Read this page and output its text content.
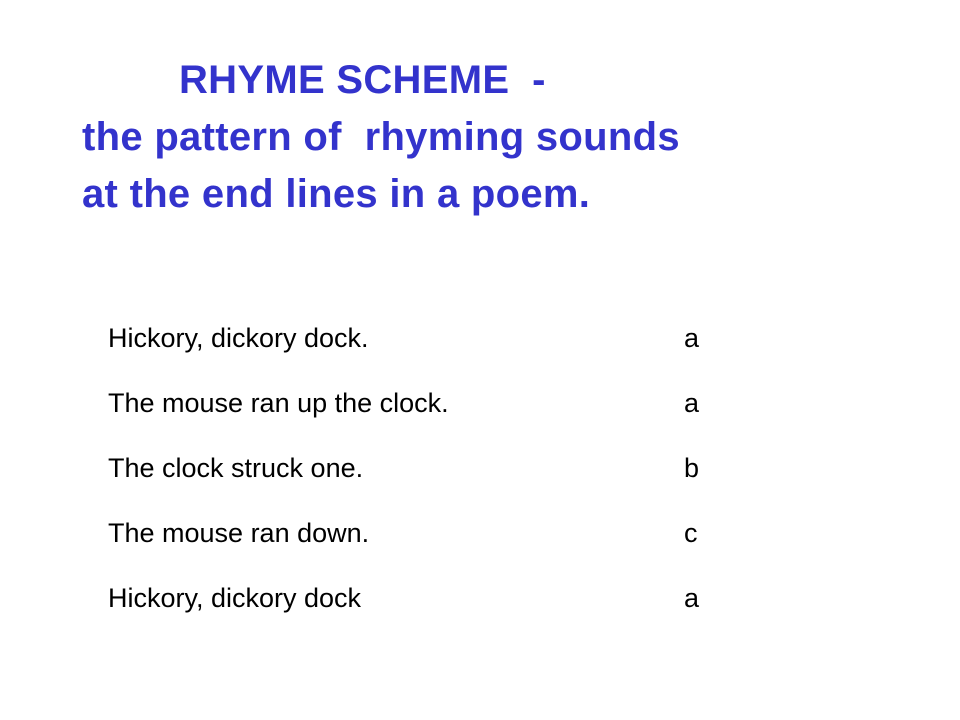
RHYME SCHEME  -
the pattern of  rhyming sounds
at the end lines in a poem.
Hickory, dickory dock.	a
The mouse ran up the clock.	a
The clock struck one.	b
The mouse ran down.	c
Hickory, dickory dock	a
